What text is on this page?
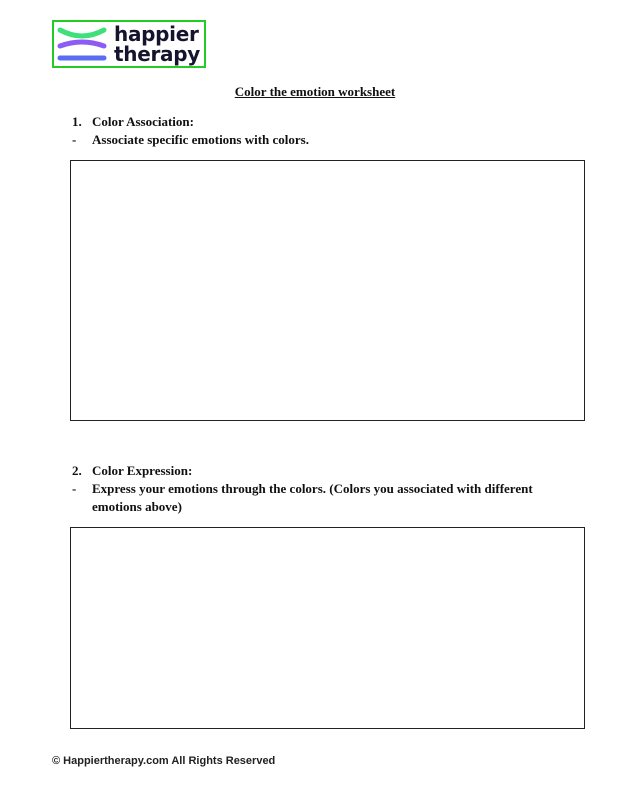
happier
therapy
Color the emotion worksheet
1. Color Association:
- Associate specific emotions with colors.
2. Color Expression:
- Express your emotions through the colors. (Colors you associated with different emotions above)
© Happiertherapy.com All Rights Reserved
